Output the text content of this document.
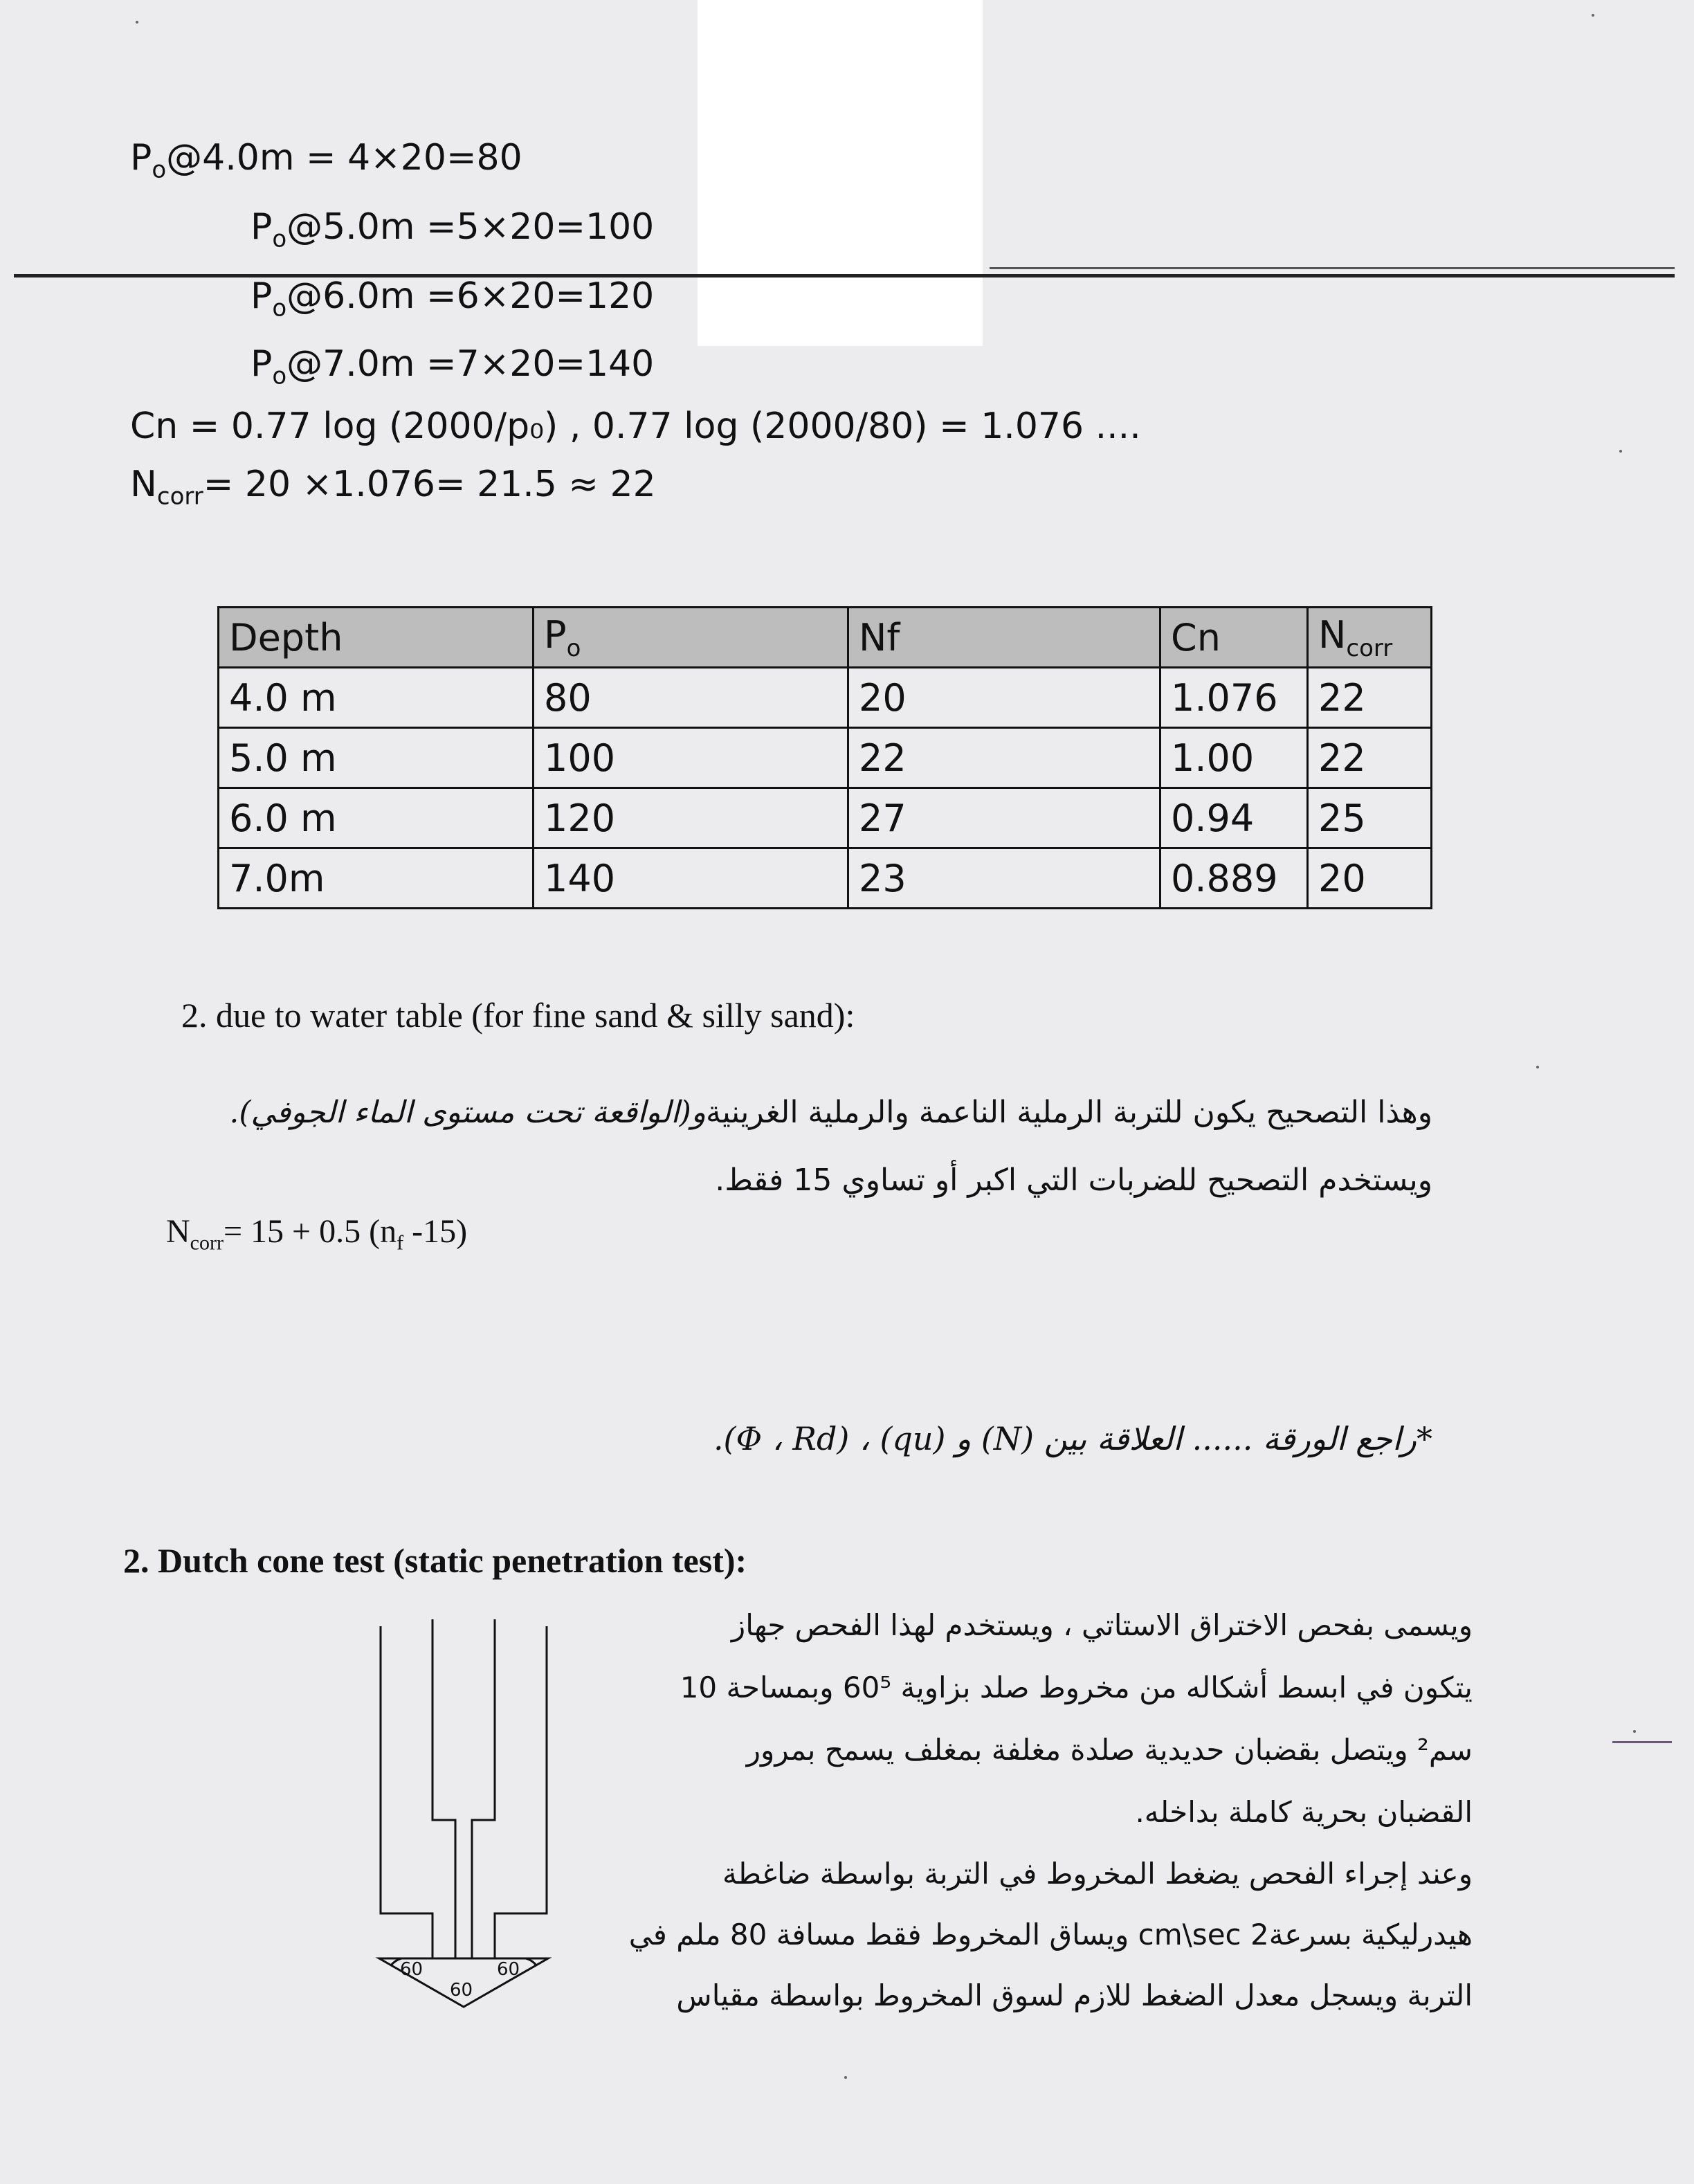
$P_o@4.0m = 4\times 20=80$
$P_o@5.0m =5\times 20=100$
$P_o@6.0m =6\times 20=120$
$P_o@7.0m =7\times 20=140$
Cn = 0.77 log (2000/p₀) , 0.77 log (2000/80) = 1.076 ....
$N_{corr}= 20 \times 1.076= 21.5 \approx 22$
Depth	$P_o$	Nf	Cn	$N_{corr}$
4.0 m	80	20	1.076	22
5.0 m	100	22	1.00	22
6.0 m	120	27	0.94	25
7.0m	140	23	0.889	20
2. due to water table (for fine sand & silly sand):
وهذا التصحيح يكون للتربة الرملية الناعمة والرملية الغرينيةو(الواقعة تحت مستوى الماء الجوفي).
ويستخدم التصحيح للضربات التي اكبر أو تساوي 15 فقط.
$N_{corr}= 15 + 0.5$ ($n_f$ -15)
*راجع الورقة ...... العلاقة بين (N) و (qu) ، (Φ ، Rd).
2. Dutch cone test (static penetration test):
ويسمى بفحص الاختراق الاستاتي ، ويستخدم لهذا الفحص جهاز
يتكون في ابسط أشكاله من مخروط صلد بزاوية 60⁵ وبمساحة 10
سم² ويتصل بقضبان حديدية صلدة مغلفة بمغلف يسمح بمرور
القضبان بحرية كاملة بداخله.
وعند إجراء الفحص يضغط المخروط في التربة بواسطة ضاغطة
هيدرليكية بسرعة2 cm\sec ويساق المخروط فقط مسافة 80 ملم في
التربة ويسجل معدل الضغط للازم لسوق المخروط بواسطة مقياس
60	60
60
